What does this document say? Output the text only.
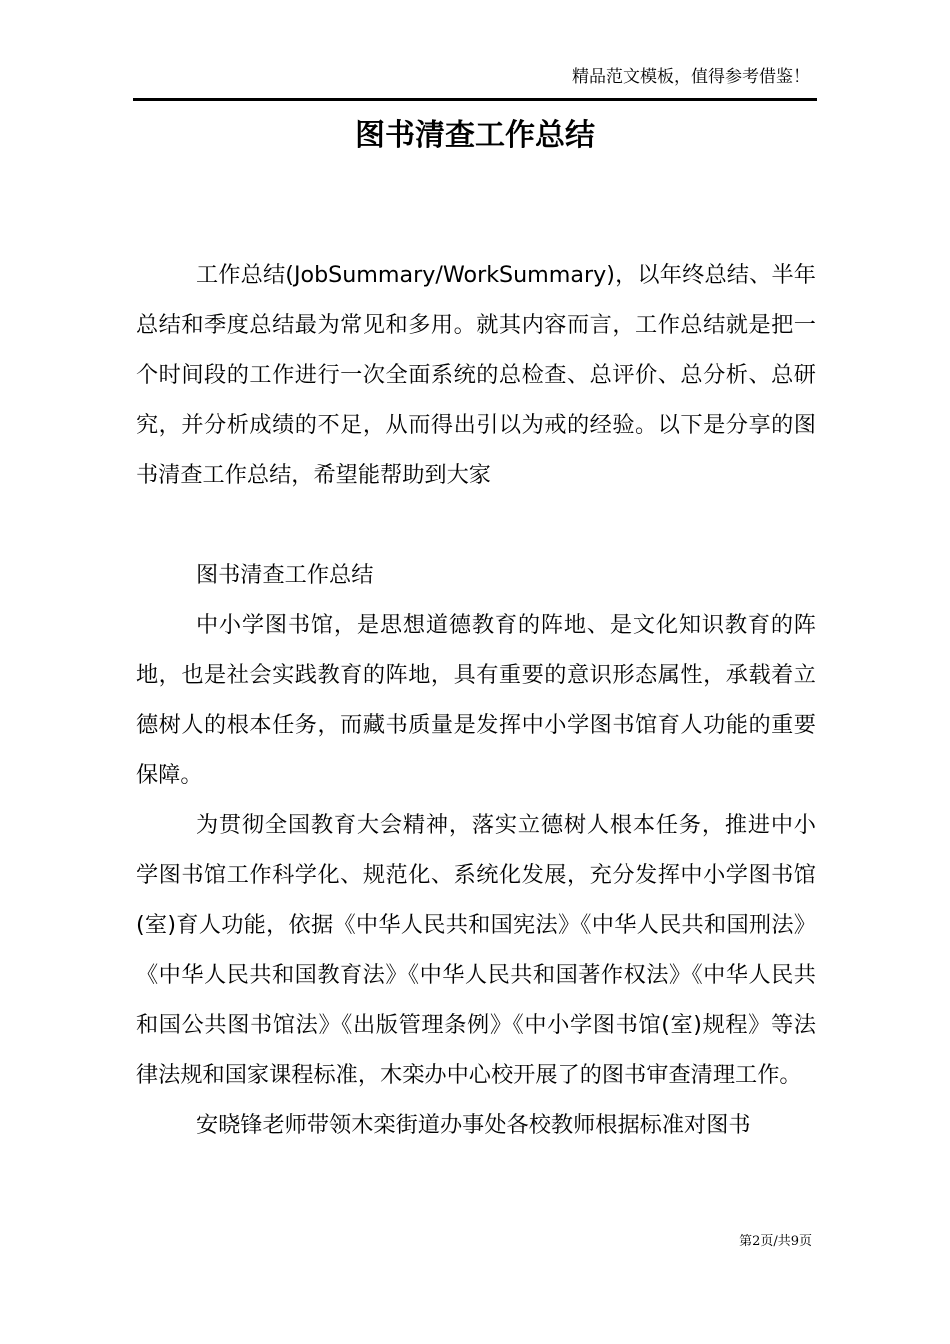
精品范文模板，值得参考借鉴！
图书清查工作总结

工作总结(JobSummary/WorkSummary)，以年终总结、半年总结和季度总结最为常见和多用。就其内容而言，工作总结就是把一个时间段的工作进行一次全面系统的总检查、总评价、总分析、总研究，并分析成绩的不足，从而得出引以为戒的经验。以下是分享的图书清查工作总结，希望能帮助到大家

图书清查工作总结

中小学图书馆，是思想道德教育的阵地、是文化知识教育的阵地，也是社会实践教育的阵地，具有重要的意识形态属性，承载着立德树人的根本任务，而藏书质量是发挥中小学图书馆育人功能的重要保障。

为贯彻全国教育大会精神，落实立德树人根本任务，推进中小学图书馆工作科学化、规范化、系统化发展，充分发挥中小学图书馆(室)育人功能，依据《中华人民共和国宪法》《中华人民共和国刑法》《中华人民共和国教育法》《中华人民共和国著作权法》《中华人民共和国公共图书馆法》《出版管理条例》《中小学图书馆(室)规程》等法律法规和国家课程标准，木栾办中心校开展了的图书审查清理工作。

安晓锋老师带领木栾街道办事处各校教师根据标准对图书

第2页/共9页
